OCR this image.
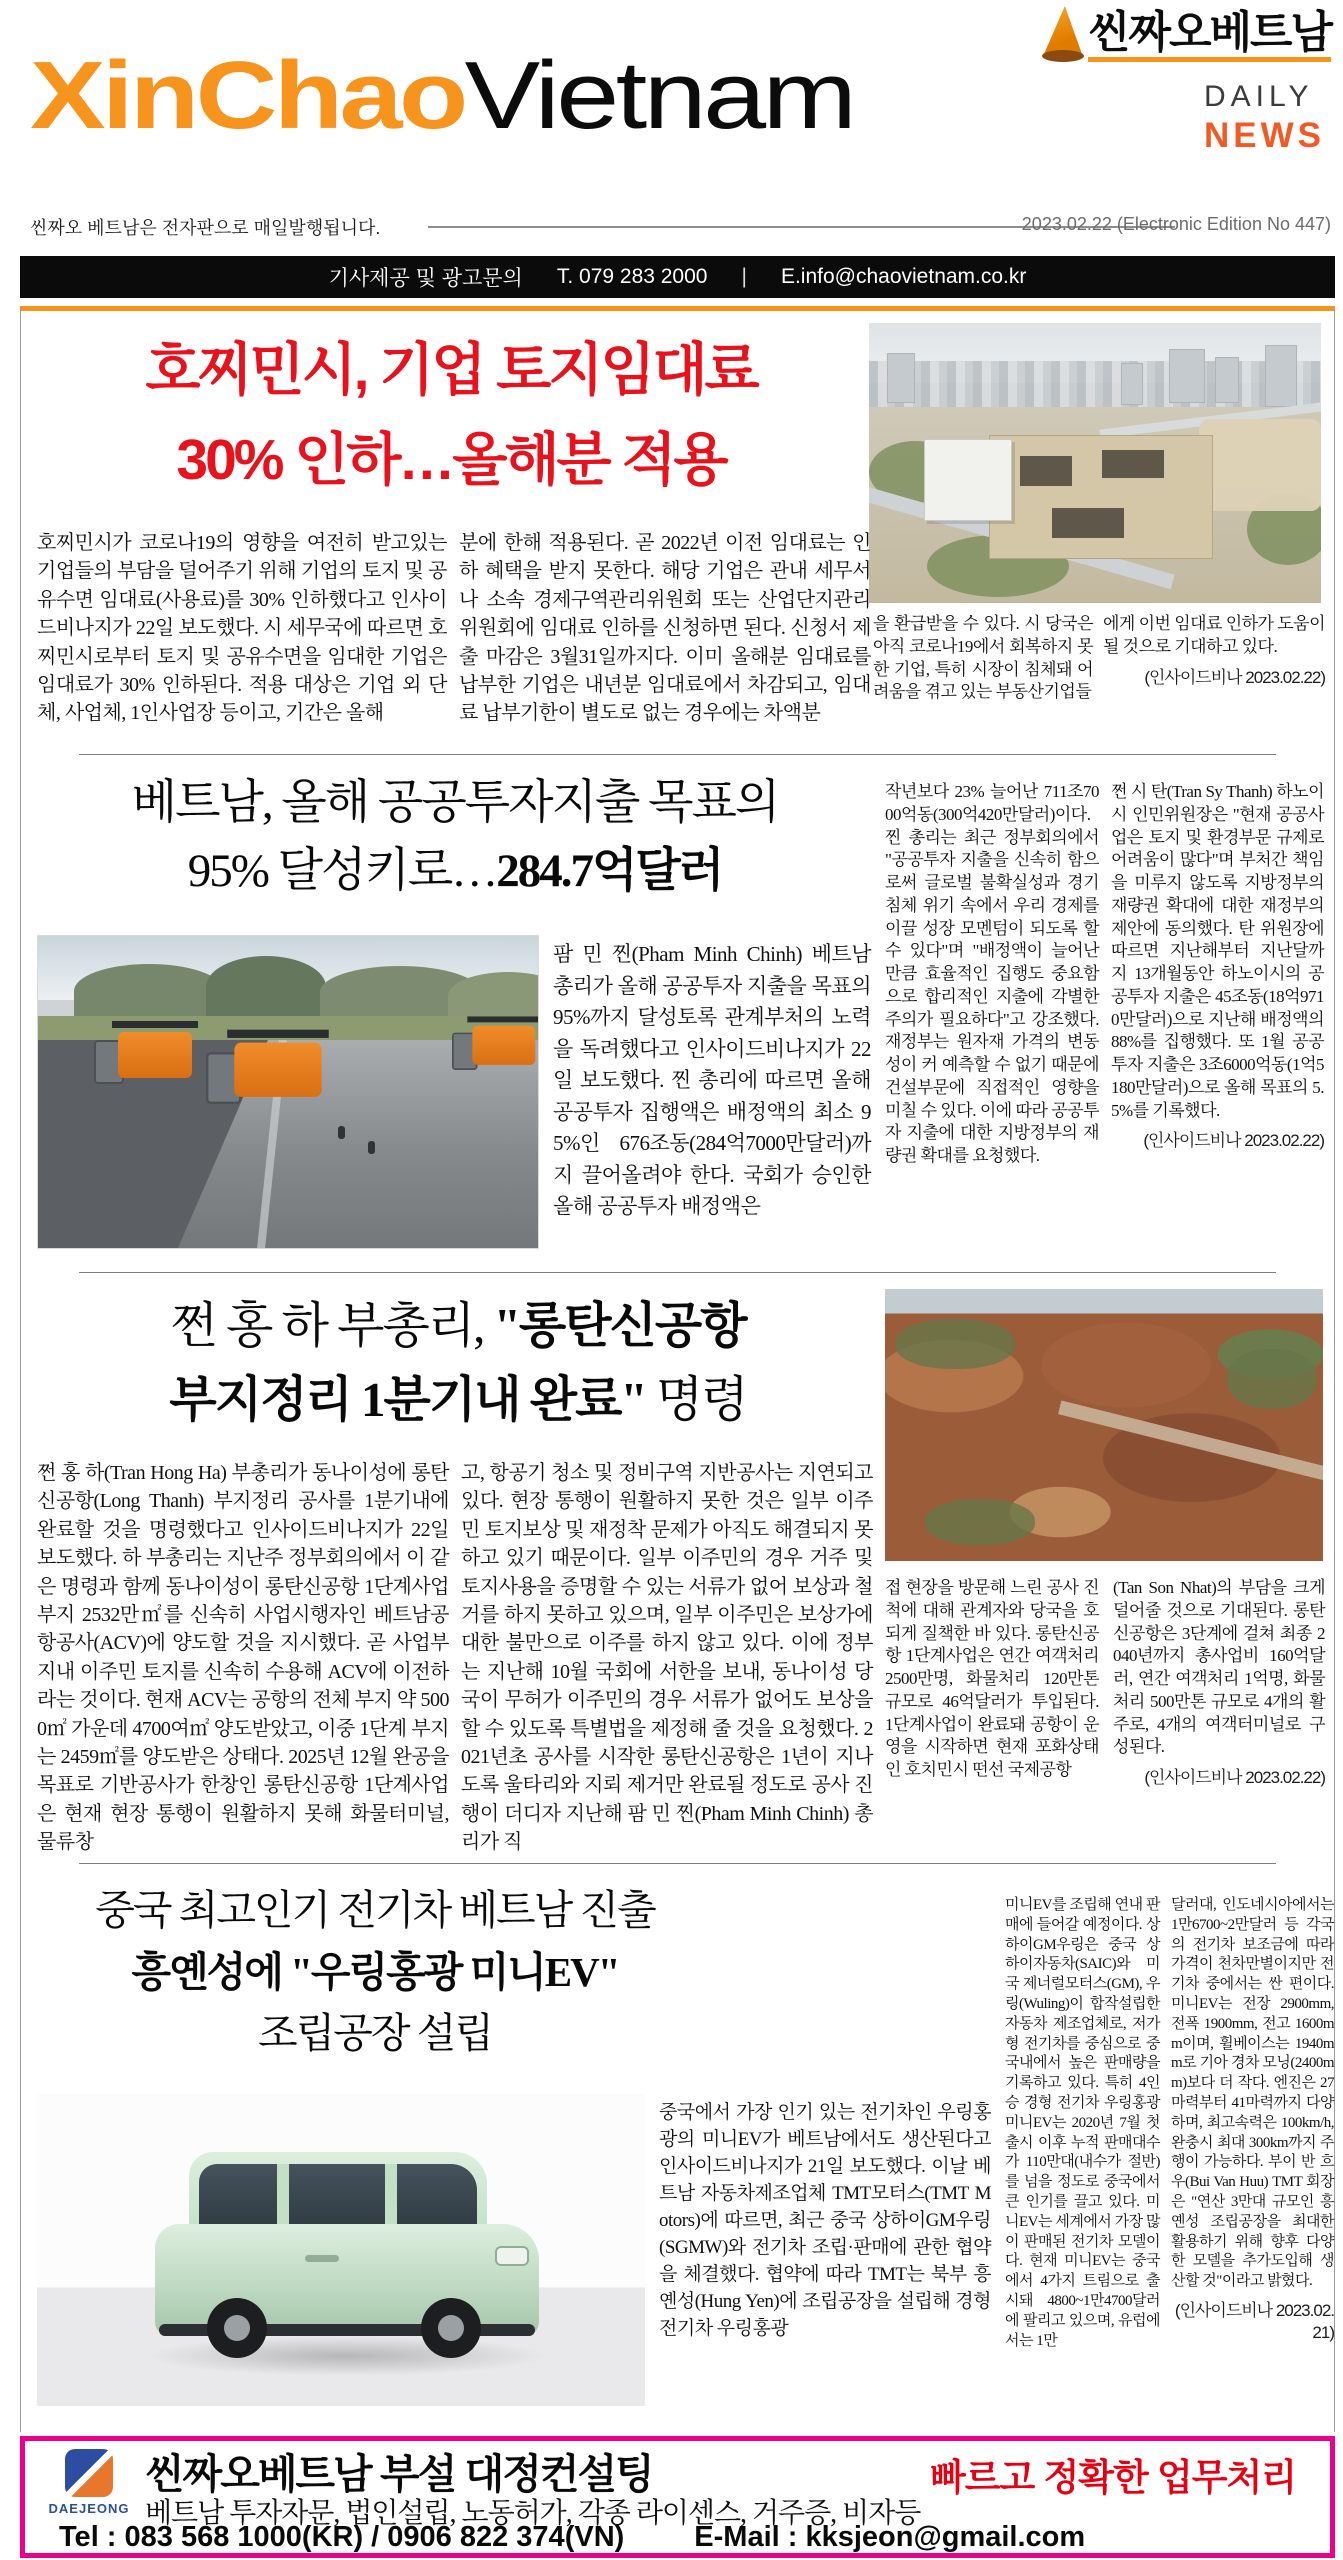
씬짜오베트남
XinChaoVietnam	DAILY
NEWS
씬짜오 베트남은 전자판으로 매일발행됩니다.	2023.02.22 (Electronic Edition No 447)
기사제공 및 광고문의 T. 079 283 2000 | E.info@chaovietnam.co.kr
호찌민시, 기업 토지임대료
30% 인하…올해분 적용
호찌민시가 코로나19의 영향을 여전히 받고있는 기업들의 부담을 덜어주기 위해 기업의 토지 및 공유수면 임대료(사용료)를 30% 인하했다고 인사이드비나지가 22일 보도했다. 시 세무국에 따르면 호찌민시로부터 토지 및 공유수면을 임대한 기업은 임대료가 30% 인하된다. 적용 대상은 기업 외 단체, 사업체, 1인사업장 등이고, 기간은 올해
분에 한해 적용된다. 곧 2022년 이전 임대료는 인하 혜택을 받지 못한다. 해당 기업은 관내 세무서나 소속 경제구역관리위원회 또는 산업단지관리위원회에 임대료 인하를 신청하면 된다. 신청서 제출 마감은 3월31일까지다. 이미 올해분 임대료를 납부한 기업은 내년분 임대료에서 차감되고, 임대료 납부기한이 별도로 없는 경우에는 차액분
을 환급받을 수 있다. 시 당국은 아직 코로나19에서 회복하지 못한 기업, 특히 시장이 침체돼 어려움을 겪고 있는 부동산기업들
에게 이번 임대료 인하가 도움이 될 것으로 기대하고 있다.
(인사이드비나 2023.02.22)
베트남, 올해 공공투자지출 목표의
95% 달성키로…284.7억달러
팜 민 찐(Pham Minh Chinh) 베트남 총리가 올해 공공투자 지출을 목표의 95%까지 달성토록 관계부처의 노력을 독려했다고 인사이드비나지가 22일 보도했다. 찐 총리에 따르면 올해 공공투자 집행액은 배정액의 최소 95%인 676조동(284억7000만달러)까지 끌어올려야 한다. 국회가 승인한 올해 공공투자 배정액은
작년보다 23% 늘어난 711조7000억동(300억420만달러)이다. 찐 총리는 최근 정부회의에서 "공공투자 지출을 신속히 함으로써 글로벌 불확실성과 경기침체 위기 속에서 우리 경제를 이끌 성장 모멘텀이 되도록 할 수 있다"며 "배정액이 늘어난 만큼 효율적인 집행도 중요함으로 합리적인 지출에 각별한 주의가 필요하다"고 강조했다. 재정부는 원자재 가격의 변동성이 커 예측할 수 없기 때문에 건설부문에 직접적인 영향을 미칠 수 있다. 이에 따라 공공투자 지출에 대한 지방정부의 재량권 확대를 요청했다.
쩐 시 탄(Tran Sy Thanh) 하노이시 인민위원장은 "현재 공공사업은 토지 및 환경부문 규제로 어려움이 많다"며 부처간 책임을 미루지 않도록 지방정부의 재량권 확대에 대한 재정부의 제안에 동의했다. 탄 위원장에 따르면 지난해부터 지난달까지 13개월동안 하노이시의 공공투자 지출은 45조동(18억9710만달러)으로 지난해 배정액의 88%를 집행했다. 또 1월 공공투자 지출은 3조6000억동(1억5180만달러)으로 올해 목표의 5.5%를 기록했다.
(인사이드비나 2023.02.22)
쩐 홍 하 부총리, "롱탄신공항
부지정리 1분기내 완료" 명령
쩐 홍 하(Tran Hong Ha) 부총리가 동나이성에 롱탄신공항(Long Thanh) 부지정리 공사를 1분기내에 완료할 것을 명령했다고 인사이드비나지가 22일 보도했다. 하 부총리는 지난주 정부회의에서 이 같은 명령과 함께 동나이성이 롱탄신공항 1단계사업 부지 2532만㎡를 신속히 사업시행자인 베트남공항공사(ACV)에 양도할 것을 지시했다. 곧 사업부지내 이주민 토지를 신속히 수용해 ACV에 이전하라는 것이다. 현재 ACV는 공항의 전체 부지 약 5000㎡ 가운데 4700여㎡ 양도받았고, 이중 1단계 부지는 2459㎡를 양도받은 상태다. 2025년 12월 완공을 목표로 기반공사가 한창인 롱탄신공항 1단계사업은 현재 현장 통행이 원활하지 못해 화물터미널, 물류창
고, 항공기 청소 및 정비구역 지반공사는 지연되고 있다. 현장 통행이 원활하지 못한 것은 일부 이주민 토지보상 및 재정착 문제가 아직도 해결되지 못하고 있기 때문이다. 일부 이주민의 경우 거주 및 토지사용을 증명할 수 있는 서류가 없어 보상과 철거를 하지 못하고 있으며, 일부 이주민은 보상가에 대한 불만으로 이주를 하지 않고 있다. 이에 정부는 지난해 10월 국회에 서한을 보내, 동나이성 당국이 무허가 이주민의 경우 서류가 없어도 보상을 할 수 있도록 특별법을 제정해 줄 것을 요청했다. 2021년초 공사를 시작한 롱탄신공항은 1년이 지나도록 울타리와 지뢰 제거만 완료될 정도로 공사 진행이 더디자 지난해 팜 민 찐(Pham Minh Chinh) 총리가 직
접 현장을 방문해 느린 공사 진척에 대해 관계자와 당국을 호되게 질책한 바 있다. 롱탄신공항 1단계사업은 연간 여객처리 2500만명, 화물처리 120만톤 규모로 46억달러가 투입된다. 1단계사업이 완료돼 공항이 운영을 시작하면 현재 포화상태인 호치민시 떤선 국제공항
(Tan Son Nhat)의 부담을 크게 덜어줄 것으로 기대된다. 롱탄신공항은 3단계에 걸쳐 최종 2040년까지 총사업비 160억달러, 연간 여객처리 1억명, 화물처리 500만톤 규모로 4개의 활주로, 4개의 여객터미널로 구성된다.
(인사이드비나 2023.02.22)
중국 최고인기 전기차 베트남 진출
흥옌성에 "우링홍광 미니EV"
조립공장 설립
중국에서 가장 인기 있는 전기차인 우링홍광의 미니EV가 베트남에서도 생산된다고 인사이드비나지가 21일 보도했다. 이날 베트남 자동차제조업체 TMT모터스(TMT Motors)에 따르면, 최근 중국 상하이GM우링(SGMW)와 전기차 조립·판매에 관한 협약을 체결했다. 협약에 따라 TMT는 북부 흥옌성(Hung Yen)에 조립공장을 설립해 경형 전기차 우링홍광
미니EV를 조립해 연내 판매에 들어갈 예정이다. 상하이GM우링은 중국 상하이자동차(SAIC)와 미국 제너럴모터스(GM), 우링(Wuling)이 합작설립한 자동차 제조업체로, 저가형 전기차를 중심으로 중국내에서 높은 판매량을 기록하고 있다. 특히 4인승 경형 전기차 우링홍광 미니EV는 2020년 7월 첫출시 이후 누적 판매대수가 110만대(내수가 절반)를 넘을 정도로 중국에서 큰 인기를 끌고 있다. 미니EV는 세계에서 가장 많이 판매된 전기차 모델이다. 현재 미니EV는 중국에서 4가지 트림으로 출시돼 4800~1만4700달러에 팔리고 있으며, 유럽에서는 1만
달러대, 인도네시아에서는 1만6700~2만달러 등 각국의 전기차 보조금에 따라 가격이 천차만별이지만 전기차 중에서는 싼 편이다. 미니EV는 전장 2900mm, 전폭 1900mm, 전고 1600mm이며, 휠베이스는 1940mm로 기아 경차 모닝(2400mm)보다 더 작다. 엔진은 27마력부터 41마력까지 다양하며, 최고속력은 100km/h, 완충시 최대 300km까지 주행이 가능하다. 부이 반 흐우(Bui Van Huu) TMT 회장은 "연산 3만대 규모인 흥옌성 조립공장을 최대한 활용하기 위해 향후 다양한 모델을 추가도입해 생산할 것"이라고 밝혔다.
(인사이드비나 2023.02.21)
DAEJEONG
씬짜오베트남 부설 대정컨설팅	빠르고 정확한 업무처리
베트남 투자자문, 법인설립, 노동허가, 각종 라이센스, 거주증, 비자등
Tel : 083 568 1000(KR) / 0906 822 374(VN) E-Mail : kksjeon@gmail.com
